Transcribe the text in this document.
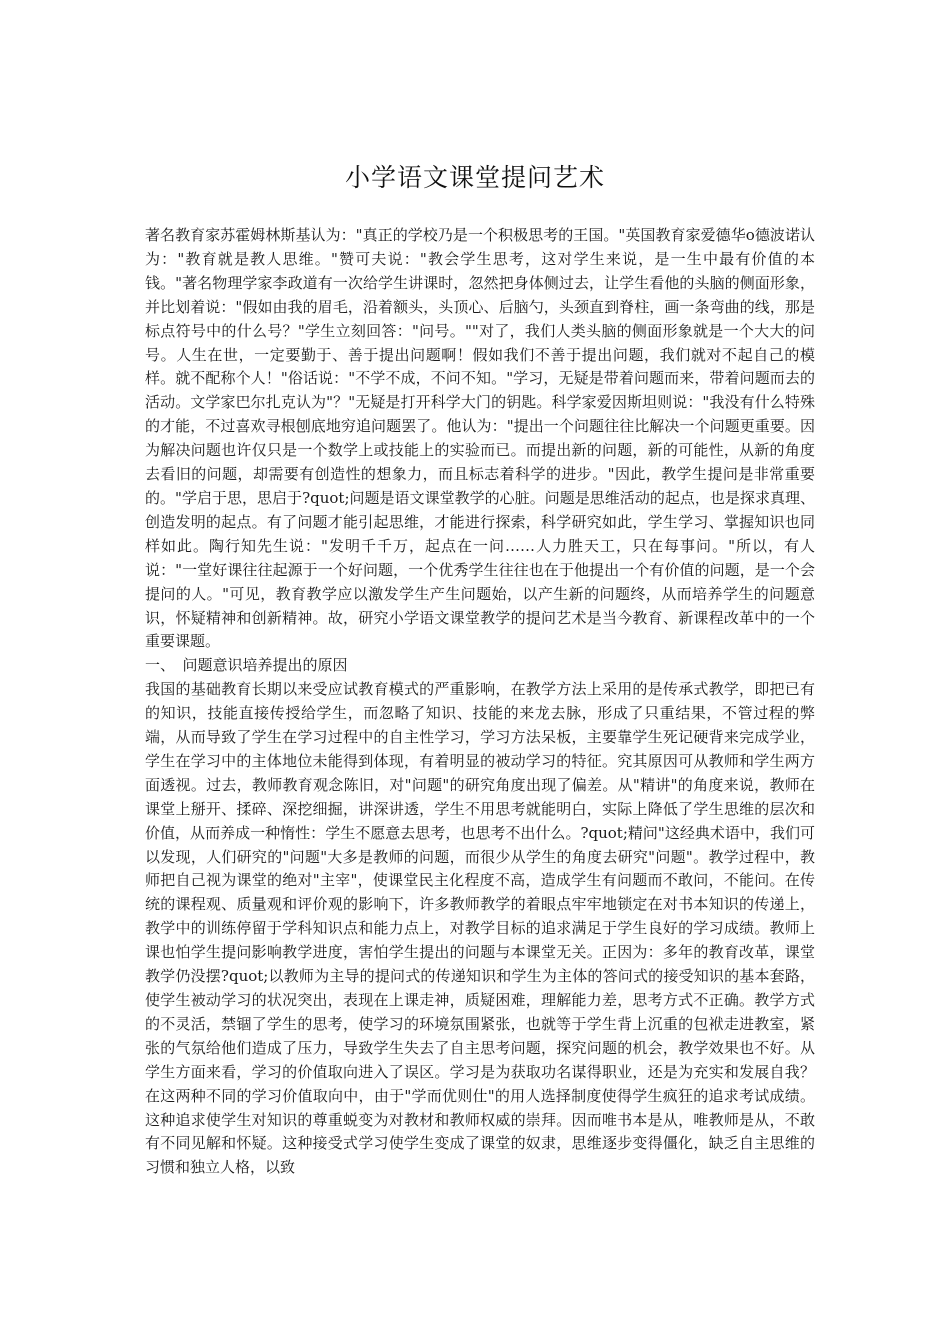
小学语文课堂提问艺术

著名教育家苏霍姆林斯基认为："真正的学校乃是一个积极思考的王国。"英国教育家爱德华o德波诺认为："教育就是教人思维。"赞可夫说："教会学生思考，这对学生来说，是一生中最有价值的本钱。"著名物理学家李政道有一次给学生讲课时，忽然把身体侧过去，让学生看他的头脑的侧面形象，并比划着说："假如由我的眉毛，沿着额头，头顶心、后脑勺，头颈直到脊柱，画一条弯曲的线，那是标点符号中的什么号？"学生立刻回答："问号。""对了，我们人类头脑的侧面形象就是一个大大的问号。人生在世，一定要勤于、善于提出问题啊！假如我们不善于提出问题，我们就对不起自己的模样。就不配称个人！"俗话说："不学不成，不问不知。"学习，无疑是带着问题而来，带着问题而去的活动。文学家巴尔扎克认为"？"无疑是打开科学大门的钥匙。科学家爱因斯坦则说："我没有什么特殊的才能，不过喜欢寻根刨底地穷追问题罢了。他认为："提出一个问题往往比解决一个问题更重要。因为解决问题也许仅只是一个数学上或技能上的实验而已。而提出新的问题，新的可能性，从新的角度去看旧的问题，却需要有创造性的想象力，而且标志着科学的进步。"因此，教学生提问是非常重要的。"学启于思，思启于?quot;问题是语文课堂教学的心脏。问题是思维活动的起点，也是探求真理、创造发明的起点。有了问题才能引起思维，才能进行探索，科学研究如此，学生学习、掌握知识也同样如此。陶行知先生说："发明千千万，起点在一问……人力胜天工，只在每事问。"所以，有人说："一堂好课往往起源于一个好问题，一个优秀学生往往也在于他提出一个有价值的问题，是一个会提问的人。"可见，教育教学应以激发学生产生问题始，以产生新的问题终，从而培养学生的问题意识，怀疑精神和创新精神。故，研究小学语文课堂教学的提问艺术是当今教育、新课程改革中的一个重要课题。

一、　问题意识培养提出的原因

我国的基础教育长期以来受应试教育模式的严重影响，在教学方法上采用的是传承式教学，即把已有的知识，技能直接传授给学生，而忽略了知识、技能的来龙去脉，形成了只重结果，不管过程的弊端，从而导致了学生在学习过程中的自主性学习，学习方法呆板，主要靠学生死记硬背来完成学业，学生在学习中的主体地位未能得到体现，有着明显的被动学习的特征。究其原因可从教师和学生两方面透视。过去，教师教育观念陈旧，对"问题"的研究角度出现了偏差。从"精讲"的角度来说，教师在课堂上掰开、揉碎、深挖细掘，讲深讲透，学生不用思考就能明白，实际上降低了学生思维的层次和价值，从而养成一种惰性：学生不愿意去思考，也思考不出什么。?quot;精问"这经典术语中，我们可以发现，人们研究的"问题"大多是教师的问题，而很少从学生的角度去研究"问题"。教学过程中，教师把自己视为课堂的绝对"主宰"，使课堂民主化程度不高，造成学生有问题而不敢问，不能问。在传统的课程观、质量观和评价观的影响下，许多教师教学的着眼点牢牢地锁定在对书本知识的传递上，教学中的训练停留于学科知识点和能力点上，对教学目标的追求满足于学生良好的学习成绩。教师上课也怕学生提问影响教学进度，害怕学生提出的问题与本课堂无关。正因为：多年的教育改革，课堂教学仍没摆?quot;以教师为主导的提问式的传递知识和学生为主体的答问式的接受知识的基本套路，使学生被动学习的状况突出，表现在上课走神，质疑困难，理解能力差，思考方式不正确。教学方式的不灵活，禁锢了学生的思考，使学习的环境氛围紧张，也就等于学生背上沉重的包袱走进教室，紧张的气氛给他们造成了压力，导致学生失去了自主思考问题，探究问题的机会，教学效果也不好。从学生方面来看，学习的价值取向进入了误区。学习是为获取功名谋得职业，还是为充实和发展自我？在这两种不同的学习价值取向中，由于"学而优则仕"的用人选择制度使得学生疯狂的追求考试成绩。这种追求使学生对知识的尊重蜕变为对教材和教师权威的崇拜。因而唯书本是从，唯教师是从，不敢有不同见解和怀疑。这种接受式学习使学生变成了课堂的奴隶，思维逐步变得僵化，缺乏自主思维的习惯和独立人格，以致
